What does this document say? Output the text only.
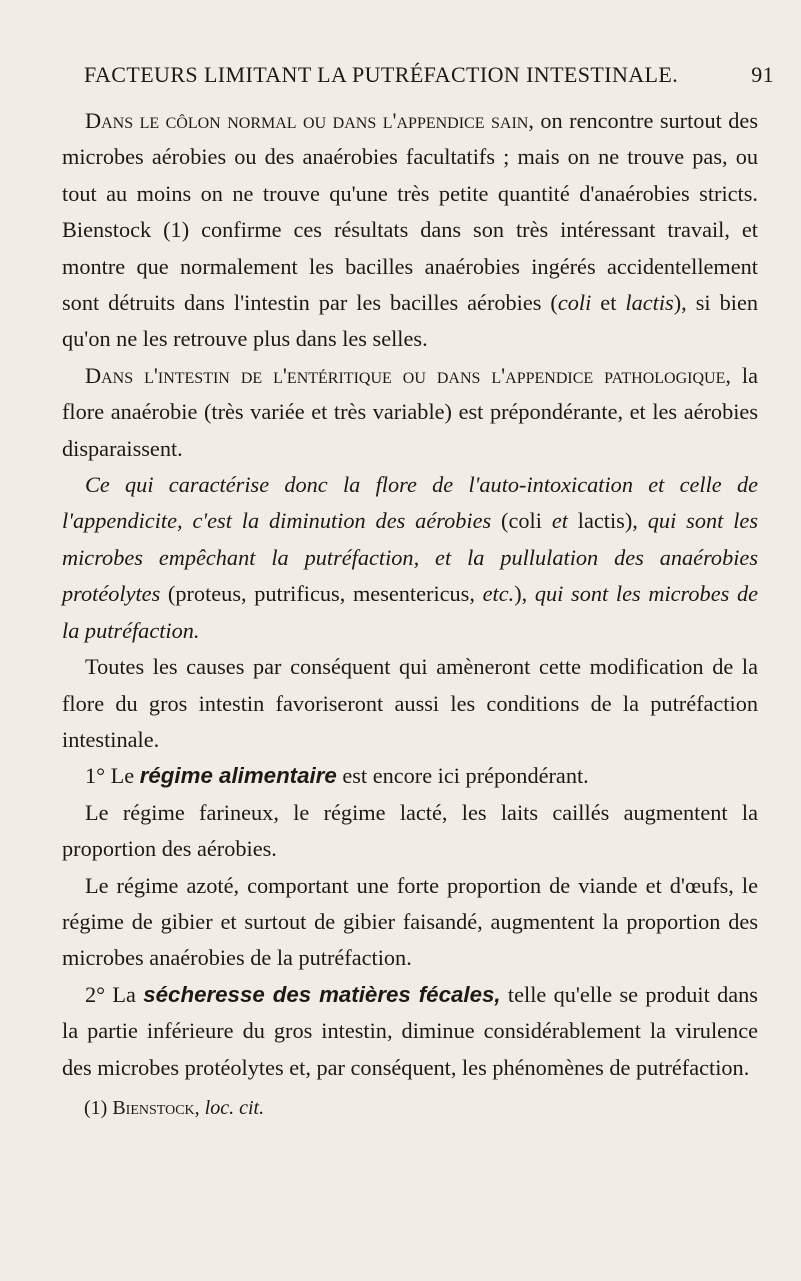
FACTEURS LIMITANT LA PUTRÉFACTION INTESTINALE.	91

Dans le côlon normal ou dans l'appendice sain, on rencontre surtout des microbes aérobies ou des anaérobies facultatifs ; mais on ne trouve pas, ou tout au moins on ne trouve qu'une très petite quantité d'anaérobies stricts. Bienstock (1) confirme ces résultats dans son très intéressant travail, et montre que normalement les bacilles anaérobies ingérés accidentellement sont détruits dans l'intestin par les bacilles aérobies (coli et lactis), si bien qu'on ne les retrouve plus dans les selles.

Dans l'intestin de l'entéritique ou dans l'appendice pathologique, la flore anaérobie (très variée et très variable) est prépondérante, et les aérobies disparaissent.

Ce qui caractérise donc la flore de l'auto-intoxication et celle de l'appendicite, c'est la diminution des aérobies (coli et lactis), qui sont les microbes empêchant la putréfaction, et la pullulation des anaérobies protéolytes (proteus, putrificus, mesentericus, etc.), qui sont les microbes de la putréfaction.

Toutes les causes par conséquent qui amèneront cette modification de la flore du gros intestin favoriseront aussi les conditions de la putréfaction intestinale.

1° Le régime alimentaire est encore ici prépondérant.

Le régime farineux, le régime lacté, les laits caillés augmentent la proportion des aérobies.

Le régime azoté, comportant une forte proportion de viande et d'œufs, le régime de gibier et surtout de gibier faisandé, augmentent la proportion des microbes anaérobies de la putréfaction.

2° La sécheresse des matières fécales, telle qu'elle se produit dans la partie inférieure du gros intestin, diminue considérablement la virulence des microbes protéolytes et, par conséquent, les phénomènes de putréfaction.

(1) Bienstock, loc. cit.
